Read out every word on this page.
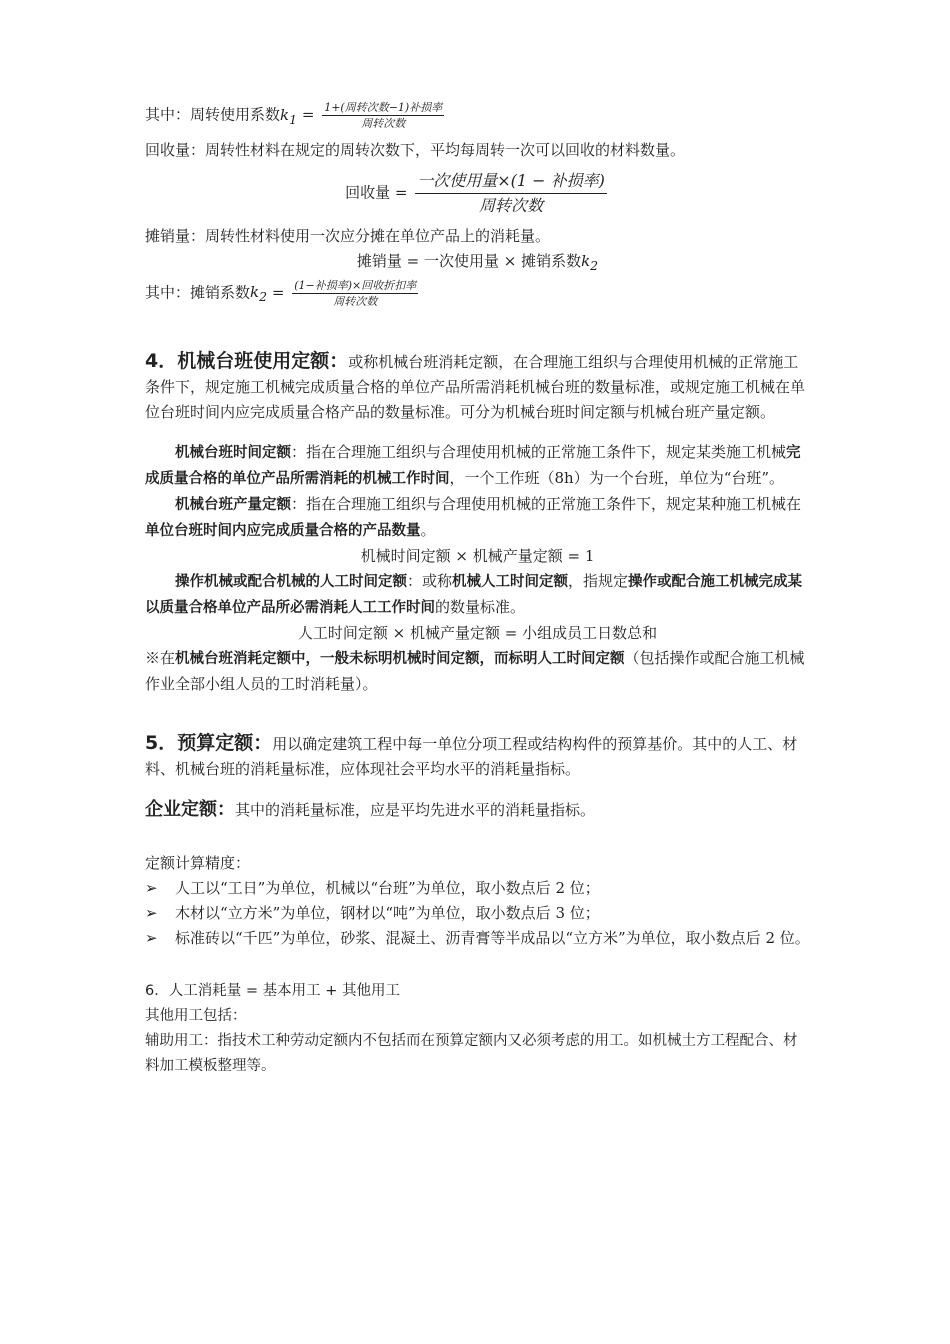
其中：周转使用系数$k_1 = \frac{\text{1+(周转次数−1)补损率}}{\text{周转次数}}$

回收量：周转性材料在规定的周转次数下，平均每周转一次可以回收的材料数量。

回收量 = $\frac{\text{一次使用量×(1 − 补损率)}}{\text{周转次数}}$

摊销量：周转性材料使用一次应分摊在单位产品上的消耗量。

摊销量 = 一次使用量 × 摊销系数$k_2$

其中：摊销系数$k_2 = \frac{\text{(1−补损率)×回收折扣率}}{\text{周转次数}}$

4．机械台班使用定额：或称机械台班消耗定额，在合理施工组织与合理使用机械的正常施工条件下，规定施工机械完成质量合格的单位产品所需消耗机械台班的数量标准，或规定施工机械在单位台班时间内应完成质量合格产品的数量标准。可分为机械台班时间定额与机械台班产量定额。

机械台班时间定额：指在合理施工组织与合理使用机械的正常施工条件下，规定某类施工机械完成质量合格的单位产品所需消耗的机械工作时间，一个工作班（8h）为一个台班，单位为“台班”。

机械台班产量定额：指在合理施工组织与合理使用机械的正常施工条件下，规定某种施工机械在单位台班时间内应完成质量合格的产品数量。

机械时间定额 × 机械产量定额 = 1

操作机械或配合机械的人工时间定额：或称机械人工时间定额，指规定操作或配合施工机械完成某以质量合格单位产品所必需消耗人工工作时间的数量标准。

人工时间定额 × 机械产量定额 = 小组成员工日数总和

※在机械台班消耗定额中，一般未标明机械时间定额，而标明人工时间定额（包括操作或配合施工机械作业全部小组人员的工时消耗量）。

5．预算定额：用以确定建筑工程中每一单位分项工程或结构构件的预算基价。其中的人工、材料、机械台班的消耗量标准，应体现社会平均水平的消耗量指标。

企业定额：其中的消耗量标准，应是平均先进水平的消耗量指标。

定额计算精度：

➢ 人工以“工日”为单位，机械以“台班”为单位，取小数点后 2 位；
➢ 木材以“立方米”为单位，钢材以“吨”为单位，取小数点后 3 位；
➢ 标准砖以“千匹”为单位，砂浆、混凝土、沥青膏等半成品以“立方米”为单位，取小数点后 2 位。

6．人工消耗量 = 基本用工 + 其他用工

其他用工包括：

辅助用工：指技术工种劳动定额内不包括而在预算定额内又必须考虑的用工。如机械土方工程配合、材料加工模板整理等。
